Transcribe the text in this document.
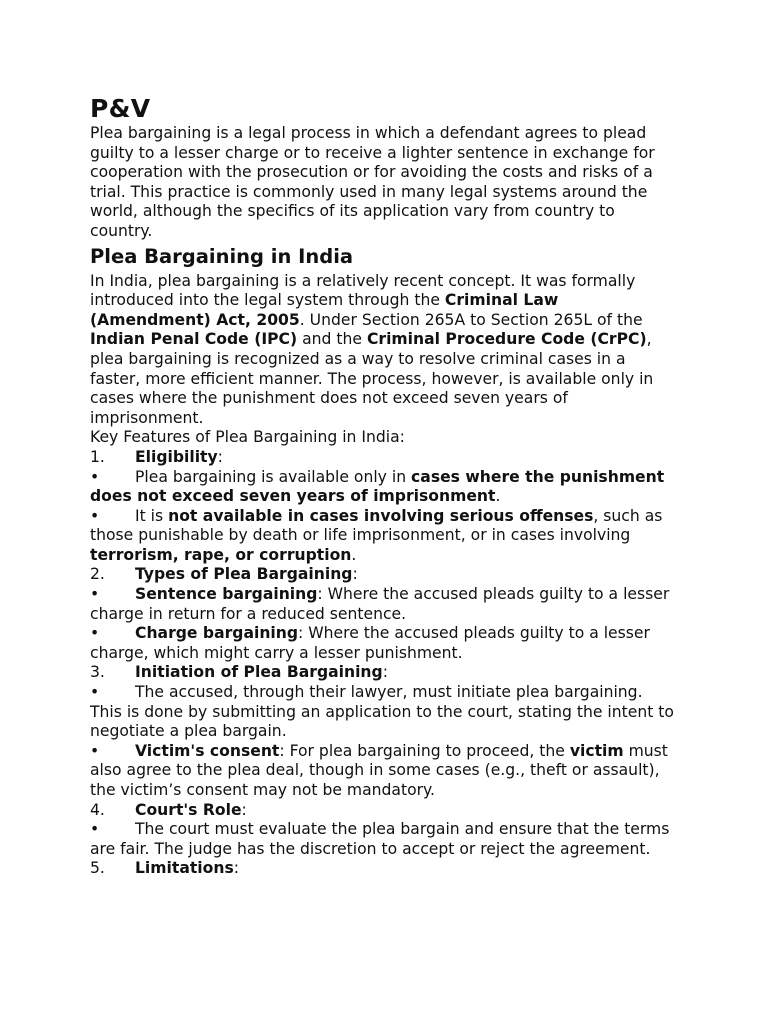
P&V

Plea bargaining is a legal process in which a defendant agrees to plead guilty to a lesser charge or to receive a lighter sentence in exchange for cooperation with the prosecution or for avoiding the costs and risks of a trial. This practice is commonly used in many legal systems around the world, although the specifics of its application vary from country to country.

Plea Bargaining in India

In India, plea bargaining is a relatively recent concept. It was formally introduced into the legal system through the Criminal Law (Amendment) Act, 2005. Under Section 265A to Section 265L of the Indian Penal Code (IPC) and the Criminal Procedure Code (CrPC), plea bargaining is recognized as a way to resolve criminal cases in a faster, more efficient manner. The process, however, is available only in cases where the punishment does not exceed seven years of imprisonment.

Key Features of Plea Bargaining in India:

1. Eligibility:

• Plea bargaining is available only in cases where the punishment does not exceed seven years of imprisonment.

• It is not available in cases involving serious offenses, such as those punishable by death or life imprisonment, or in cases involving terrorism, rape, or corruption.

2. Types of Plea Bargaining:

• Sentence bargaining: Where the accused pleads guilty to a lesser charge in return for a reduced sentence.

• Charge bargaining: Where the accused pleads guilty to a lesser charge, which might carry a lesser punishment.

3. Initiation of Plea Bargaining:

• The accused, through their lawyer, must initiate plea bargaining. This is done by submitting an application to the court, stating the intent to negotiate a plea bargain.

• Victim's consent: For plea bargaining to proceed, the victim must also agree to the plea deal, though in some cases (e.g., theft or assault), the victim’s consent may not be mandatory.

4. Court's Role:

• The court must evaluate the plea bargain and ensure that the terms are fair. The judge has the discretion to accept or reject the agreement.

5. Limitations:
